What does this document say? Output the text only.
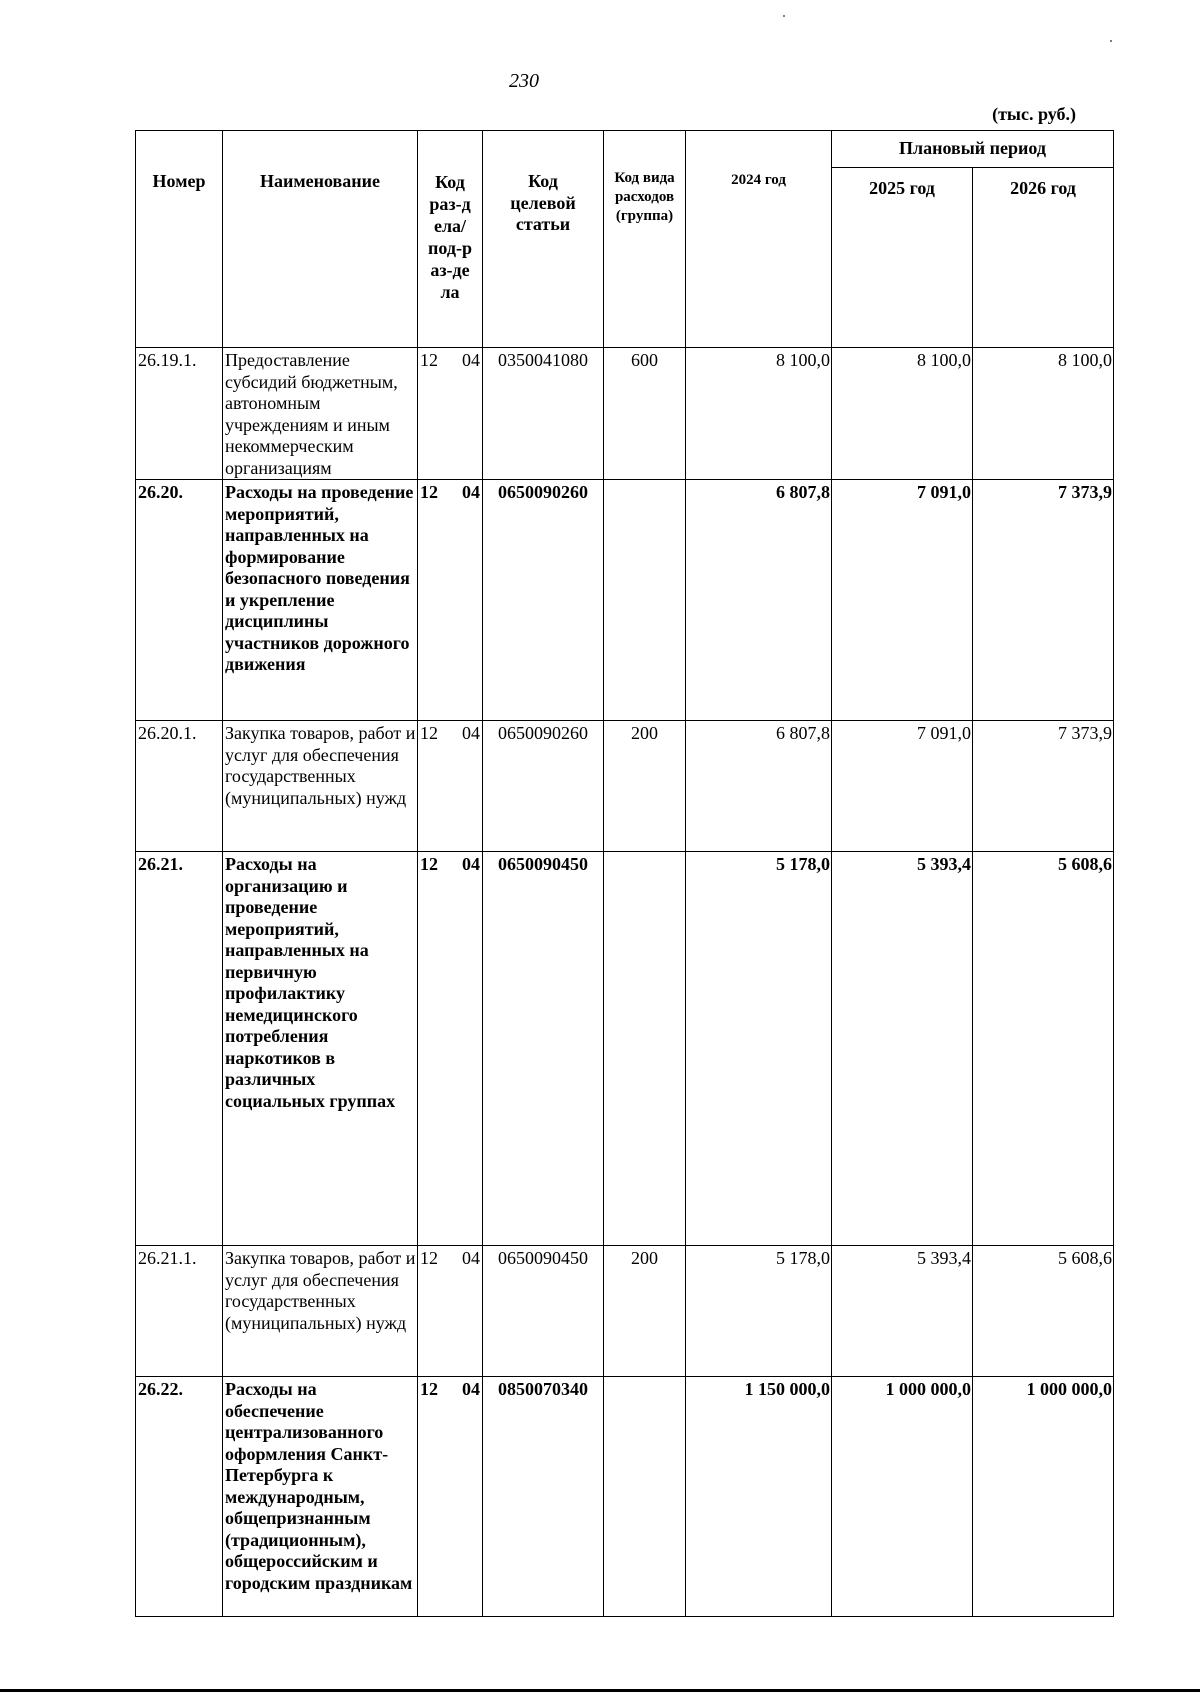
230
(тыс. руб.)
Номер	Наименование	Код раз-дела/ под-раз-дела	Код целевой статьи	Код вида расходов (группа)	2024 год	Плановый период	
						2025 год	2026 год
26.19.1.	Предоставление субсидий бюджетным, автономным учреждениям и иным некоммерческим организациям	12 04	0350041080	600	8 100,0	8 100,0	8 100,0
26.20.	Расходы на проведение мероприятий, направленных на формирование безопасного поведения и укрепление дисциплины участников дорожного движения	12 04	0650090260		6 807,8	7 091,0	7 373,9
26.20.1.	Закупка товаров, работ и услуг для обеспечения государственных (муниципальных) нужд	12 04	0650090260	200	6 807,8	7 091,0	7 373,9
26.21.	Расходы на организацию и проведение мероприятий, направленных на первичную профилактику немедицинского потребления наркотиков в различных социальных группах	12 04	0650090450		5 178,0	5 393,4	5 608,6
26.21.1.	Закупка товаров, работ и услуг для обеспечения государственных (муниципальных) нужд	12 04	0650090450	200	5 178,0	5 393,4	5 608,6
26.22.	Расходы на обеспечение централизованного оформления Санкт-Петербурга к международным, общепризнанным (традиционным), общероссийским и городским праздникам	12 04	0850070340		1 150 000,0	1 000 000,0	1 000 000,0
